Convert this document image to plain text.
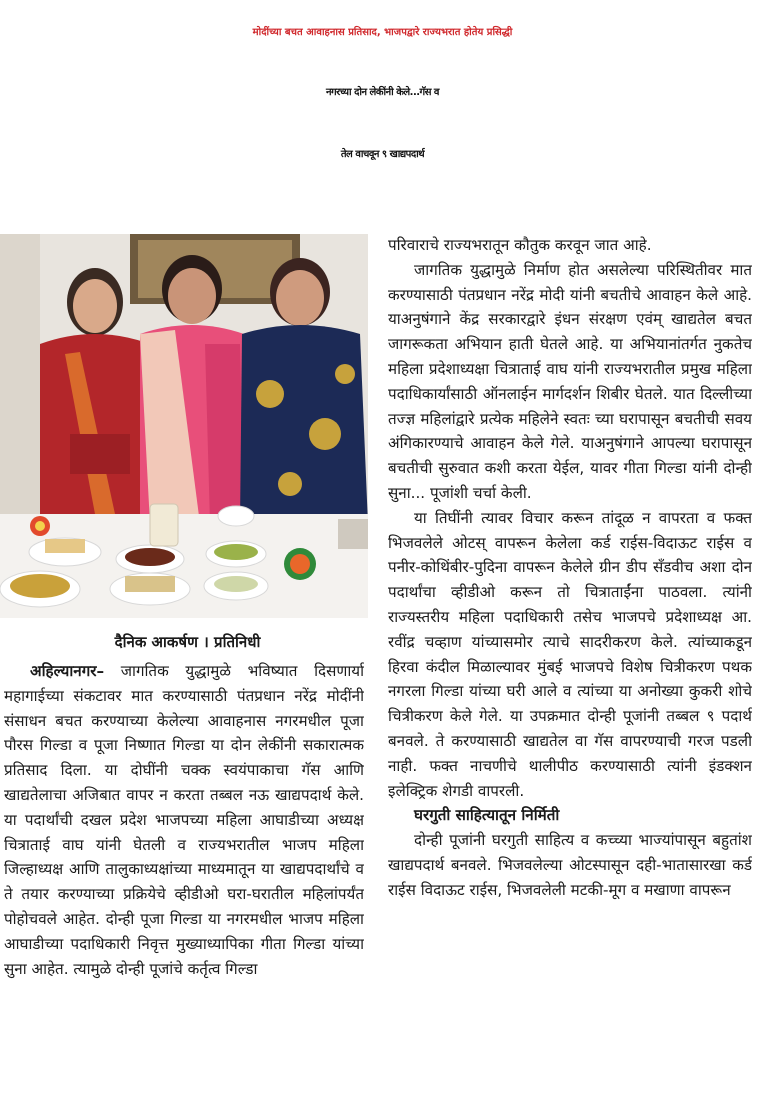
मोदींच्या बचत आवाहनास प्रतिसाद, भाजपद्वारे राज्यभरात होतेय प्रसिद्धी
नगरच्या दोन लेकींनी केले...गॅस व
तेल वाचवून ९ खाद्यपदार्थ
दैनिक आकर्षण । प्रतिनिधी

अहिल्यानगर– जागतिक युद्धामुळे भविष्यात दिसणार्या महागाईच्या संकटावर मात करण्यासाठी पंतप्रधान नरेंद्र मोदींनी संसाधन बचत करण्याच्या केलेल्या आवाहनास नगरमधील पूजा पौरस गिल्डा व पूजा निष्णात गिल्डा या दोन लेकींनी सकारात्मक प्रतिसाद दिला. या दोघींनी चक्क स्वयंपाकाचा गॅस आणि खाद्यतेलाचा अजिबात वापर न करता तब्बल नऊ खाद्यपदार्थ केले. या पदार्थांची दखल प्रदेश भाजपच्या महिला आघाडीच्या अध्यक्ष चित्राताई वाघ यांनी घेतली व राज्यभरातील भाजप महिला जिल्हाध्यक्ष आणि तालुकाध्यक्षांच्या माध्यमातून या खाद्यपदार्थांचे व ते तयार करण्याच्या प्रक्रियेचे व्हीडीओ घरा-घरातील महिलांपर्यंत पोहोचवले आहेत. दोन्ही पूजा गिल्डा या नगरमधील भाजप महिला आघाडीच्या पदाधिकारी निवृत्त मुख्याध्यापिका गीता गिल्डा यांच्या सुना आहेत. त्यामुळे दोन्ही पूजांचे कर्तृत्व गिल्डा

परिवाराचे राज्यभरातून कौतुक करवून जात आहे.

जागतिक युद्धामुळे निर्माण होत असलेल्या परिस्थितीवर मात करण्यासाठी पंतप्रधान नरेंद्र मोदी यांनी बचतीचे आवाहन केले आहे. याअनुषंगाने केंद्र सरकारद्वारे इंधन संरक्षण एवंम् खाद्यतेल बचत जागरूकता अभियान हाती घेतले आहे. या अभियानांतर्गत नुकतेच महिला प्रदेशाध्यक्षा चित्राताई वाघ यांनी राज्यभरातील प्रमुख महिला पदाधिकार्यांसाठी ऑनलाईन मार्गदर्शन शिबीर घेतले. यात दिल्लीच्या तज्ज्ञ महिलांद्वारे प्रत्येक महिलेने स्वतः च्या घरापासून बचतीची सवय अंगिकारण्याचे आवाहन केले गेले. याअनुषंगाने आपल्या घरापासून बचतीची सुरुवात कशी करता येईल, यावर गीता गिल्डा यांनी दोन्ही सुना... पूजांशी चर्चा केली.

या तिघींनी त्यावर विचार करून तांदूळ न वापरता व फक्त भिजवलेले ओटस् वापरून केलेला कर्ड राईस-विदाऊट राईस व पनीर-कोथिंबीर-पुदिना वापरून केलेले ग्रीन डीप सँडवीच अशा दोन पदार्थांचा व्हीडीओ करून तो चित्राताईंना पाठवला. त्यांनी राज्यस्तरीय महिला पदाधिकारी तसेच भाजपचे प्रदेशाध्यक्ष आ. रवींद्र चव्हाण यांच्यासमोर त्याचे सादरीकरण केले. त्यांच्याकडून हिरवा कंदील मिळाल्यावर मुंबई भाजपचे विशेष चित्रीकरण पथक नगरला गिल्डा यांच्या घरी आले व त्यांच्या या अनोख्या कुकरी शोचे चित्रीकरण केले गेले. या उपक्रमात दोन्ही पूजांनी तब्बल ९ पदार्थ बनवले. ते करण्यासाठी खाद्यतेल वा गॅस वापरण्याची गरज पडली नाही. फक्त नाचणीचे थालीपीठ करण्यासाठी त्यांनी इंडक्शन इलेक्ट्रिक शेगडी वापरली.

घरगुती साहित्यातून निर्मिती

दोन्ही पूजांनी घरगुती साहित्य व कच्च्या भाज्यांपासून बहुतांश खाद्यपदार्थ बनवले. भिजवलेल्या ओटस्पासून दही-भातासारखा कर्ड राईस विदाऊट राईस, भिजवलेली मटकी-मूग व मखाणा वापरून
